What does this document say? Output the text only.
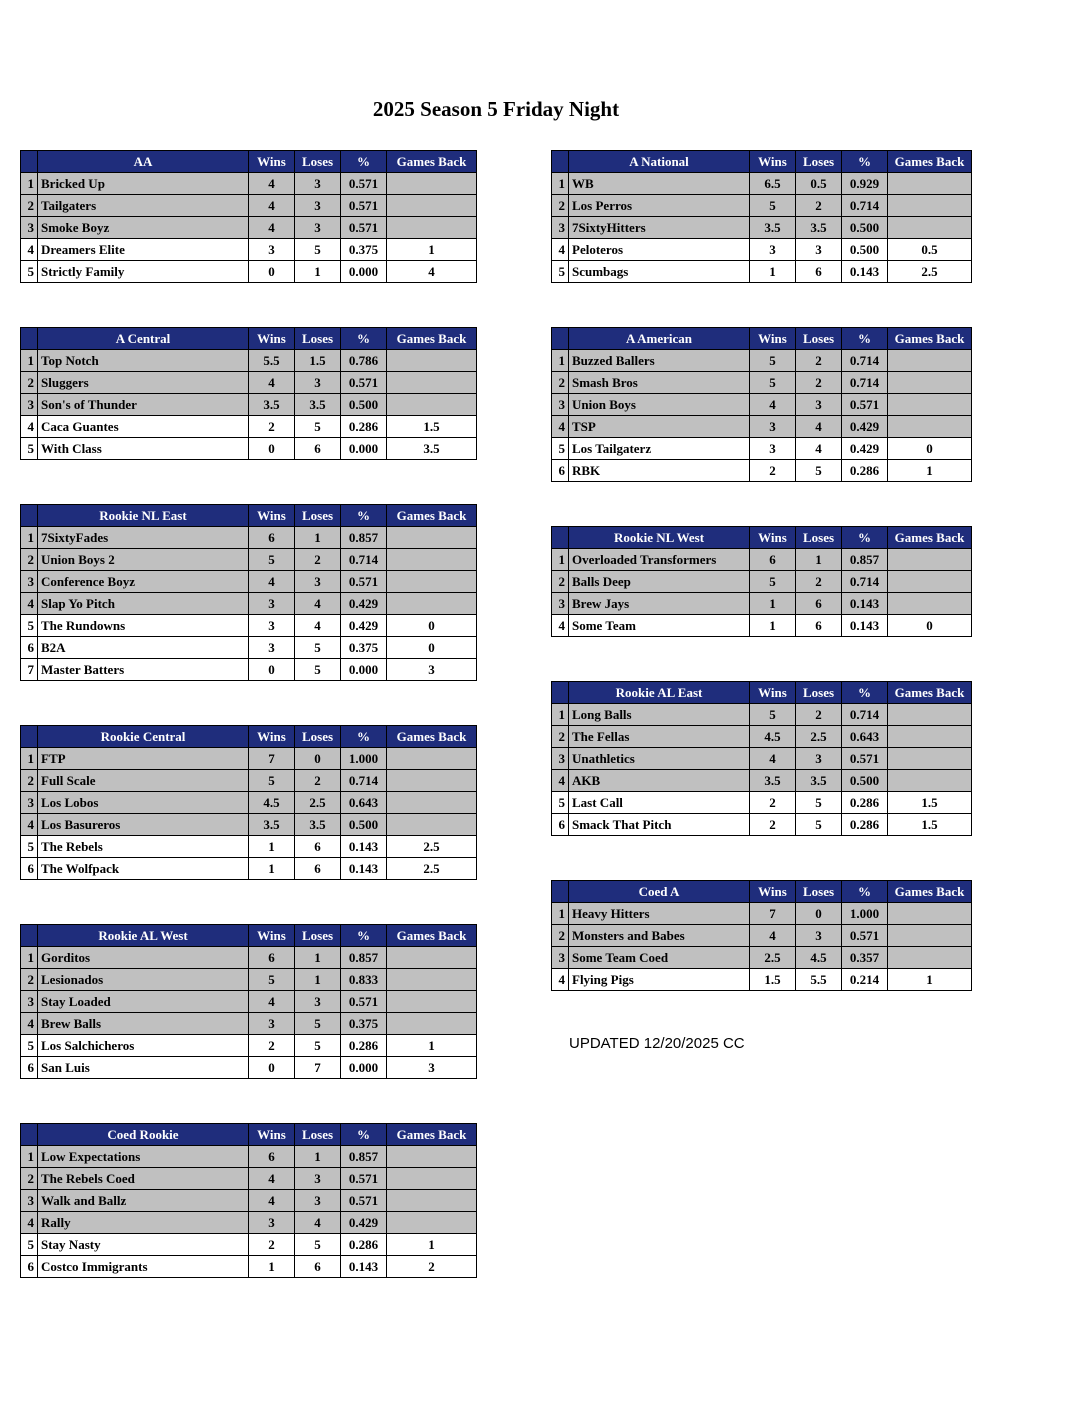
2025 Season 5 Friday Night
	AA	Wins	Loses	%	Games Back
1	Bricked Up	4	3	0.571	
2	Tailgaters	4	3	0.571	
3	Smoke Boyz	4	3	0.571	
4	Dreamers Elite	3	5	0.375	1
5	Strictly Family	0	1	0.000	4
	A Central	Wins	Loses	%	Games Back
1	Top Notch	5.5	1.5	0.786	
2	Sluggers	4	3	0.571	
3	Son's of Thunder	3.5	3.5	0.500	
4	Caca Guantes	2	5	0.286	1.5
5	With Class	0	6	0.000	3.5
	Rookie NL East	Wins	Loses	%	Games Back
1	7SixtyFades	6	1	0.857	
2	Union Boys 2	5	2	0.714	
3	Conference Boyz	4	3	0.571	
4	Slap Yo Pitch	3	4	0.429	
5	The Rundowns	3	4	0.429	0
6	B2A	3	5	0.375	0
7	Master Batters	0	5	0.000	3
	Rookie Central	Wins	Loses	%	Games Back
1	FTP	7	0	1.000	
2	Full Scale	5	2	0.714	
3	Los Lobos	4.5	2.5	0.643	
4	Los Basureros	3.5	3.5	0.500	
5	The Rebels	1	6	0.143	2.5
6	The Wolfpack	1	6	0.143	2.5
	Rookie AL West	Wins	Loses	%	Games Back
1	Gorditos	6	1	0.857	
2	Lesionados	5	1	0.833	
3	Stay Loaded	4	3	0.571	
4	Brew Balls	3	5	0.375	
5	Los Salchicheros	2	5	0.286	1
6	San Luis	0	7	0.000	3
	Coed Rookie	Wins	Loses	%	Games Back
1	Low Expectations	6	1	0.857	
2	The Rebels Coed	4	3	0.571	
3	Walk and Ballz	4	3	0.571	
4	Rally	3	4	0.429	
5	Stay Nasty	2	5	0.286	1
6	Costco Immigrants	1	6	0.143	2
	A National	Wins	Loses	%	Games Back
1	WB	6.5	0.5	0.929	
2	Los Perros	5	2	0.714	
3	7SixtyHitters	3.5	3.5	0.500	
4	Peloteros	3	3	0.500	0.5
5	Scumbags	1	6	0.143	2.5
	A American	Wins	Loses	%	Games Back
1	Buzzed Ballers	5	2	0.714	
2	Smash Bros	5	2	0.714	
3	Union Boys	4	3	0.571	
4	TSP	3	4	0.429	
5	Los Tailgaterz	3	4	0.429	0
6	RBK	2	5	0.286	1
	Rookie NL West	Wins	Loses	%	Games Back
1	Overloaded Transformers	6	1	0.857	
2	Balls Deep	5	2	0.714	
3	Brew Jays	1	6	0.143	
4	Some Team	1	6	0.143	0
	Rookie AL East	Wins	Loses	%	Games Back
1	Long Balls	5	2	0.714	
2	The Fellas	4.5	2.5	0.643	
3	Unathletics	4	3	0.571	
4	AKB	3.5	3.5	0.500	
5	Last Call	2	5	0.286	1.5
6	Smack That Pitch	2	5	0.286	1.5
	Coed A	Wins	Loses	%	Games Back
1	Heavy Hitters	7	0	1.000	
2	Monsters and Babes	4	3	0.571	
3	Some Team Coed	2.5	4.5	0.357	
4	Flying Pigs	1.5	5.5	0.214	1
UPDATED 12/20/2025 CC
